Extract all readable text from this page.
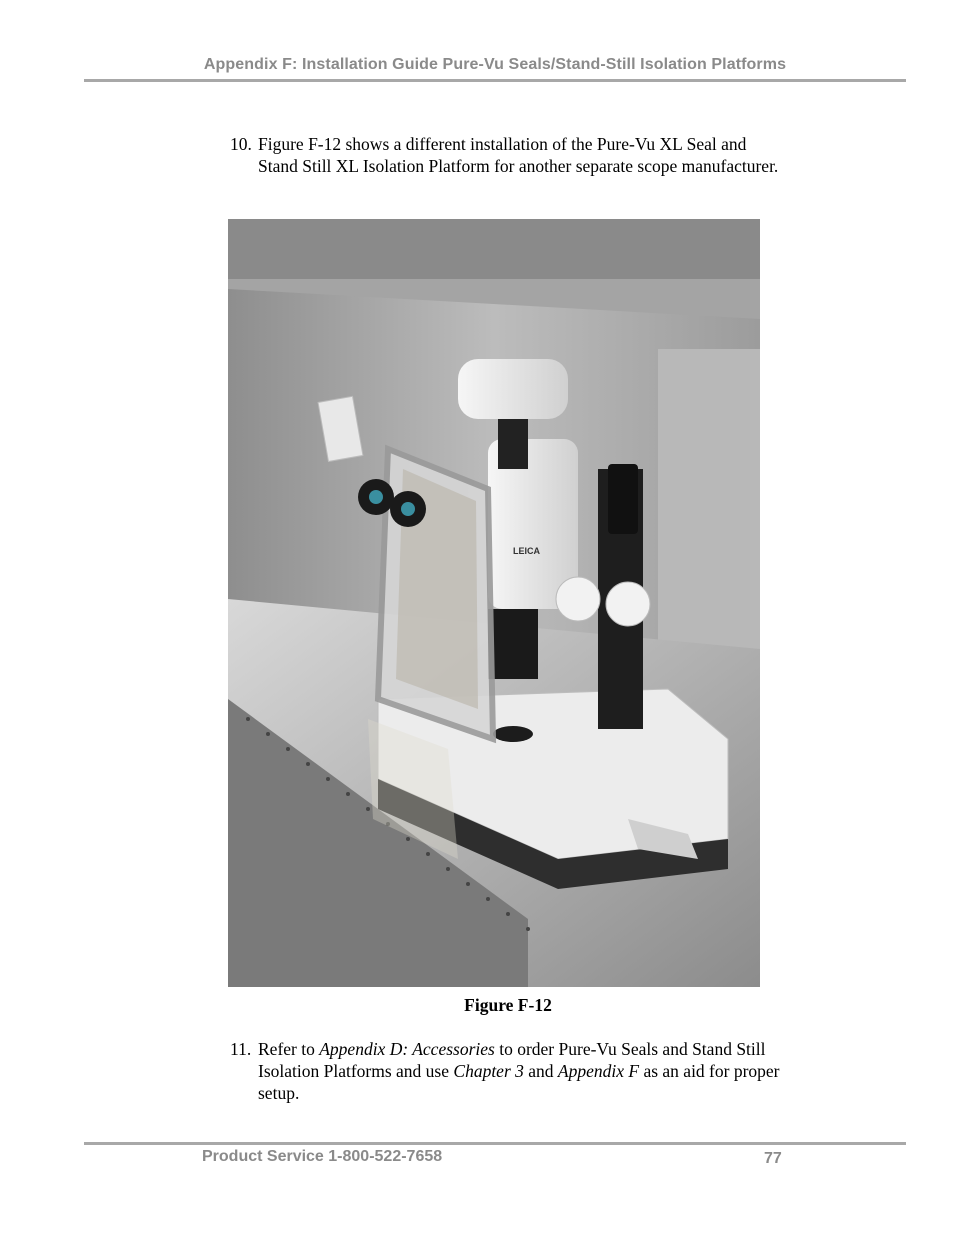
Appendix F: Installation Guide Pure-Vu Seals/Stand-Still Isolation Platforms
10. Figure F-12 shows a different installation of the Pure-Vu XL Seal and Stand Still XL Isolation Platform for another separate scope manufacturer.
LEICA
Figure F-12
11. Refer to Appendix D: Accessories to order Pure-Vu Seals and Stand Still Isolation Platforms and use Chapter 3 and Appendix F as an aid for proper setup.
Product Service 1-800-522-7658	77
